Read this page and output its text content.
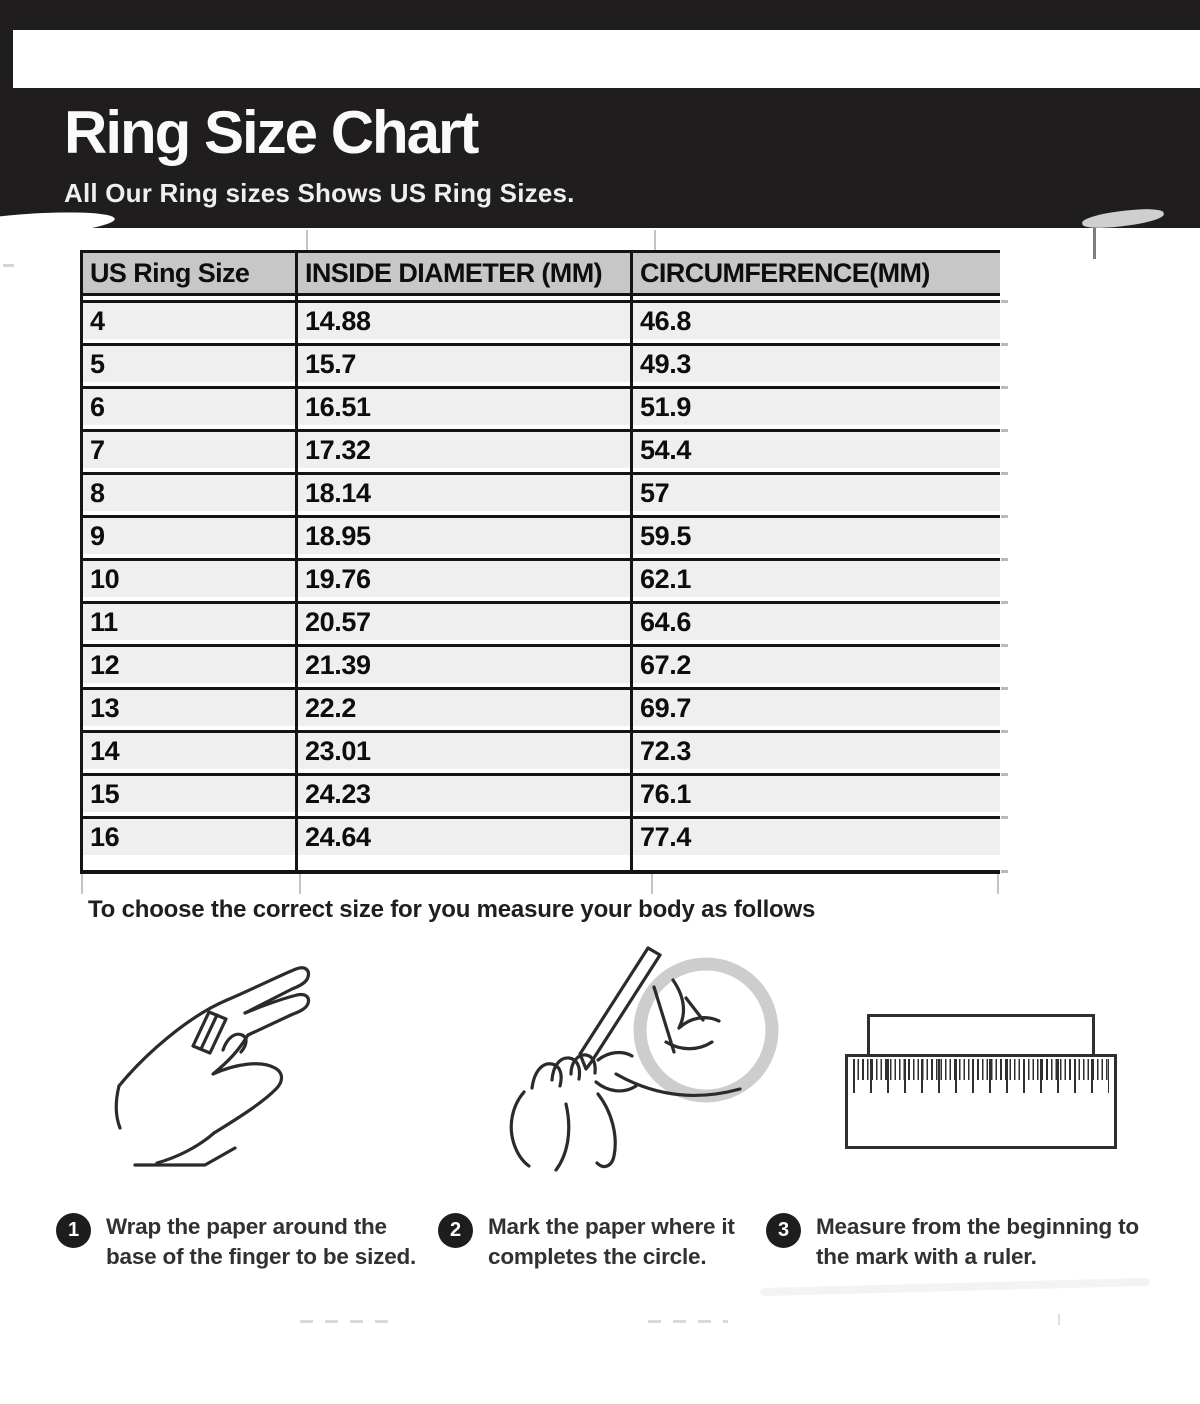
Ring Size Chart
All Our Ring sizes Shows US Ring Sizes.
US Ring Size	INSIDE DIAMETER (MM)	CIRCUMFERENCE(MM)
4	14.88	46.8
5	15.7	49.3
6	16.51	51.9
7	17.32	54.4
8	18.14	57
9	18.95	59.5
10	19.76	62.1
11	20.57	64.6
12	21.39	67.2
13	22.2	69.7
14	23.01	72.3
15	24.23	76.1
16	24.64	77.4
To choose the correct size for you measure your body as follows
1	Wrap the paper around the
base of the finger to be sized.
2	Mark the paper where it
completes the circle.
3	Measure from the beginning to
the mark with a ruler.
